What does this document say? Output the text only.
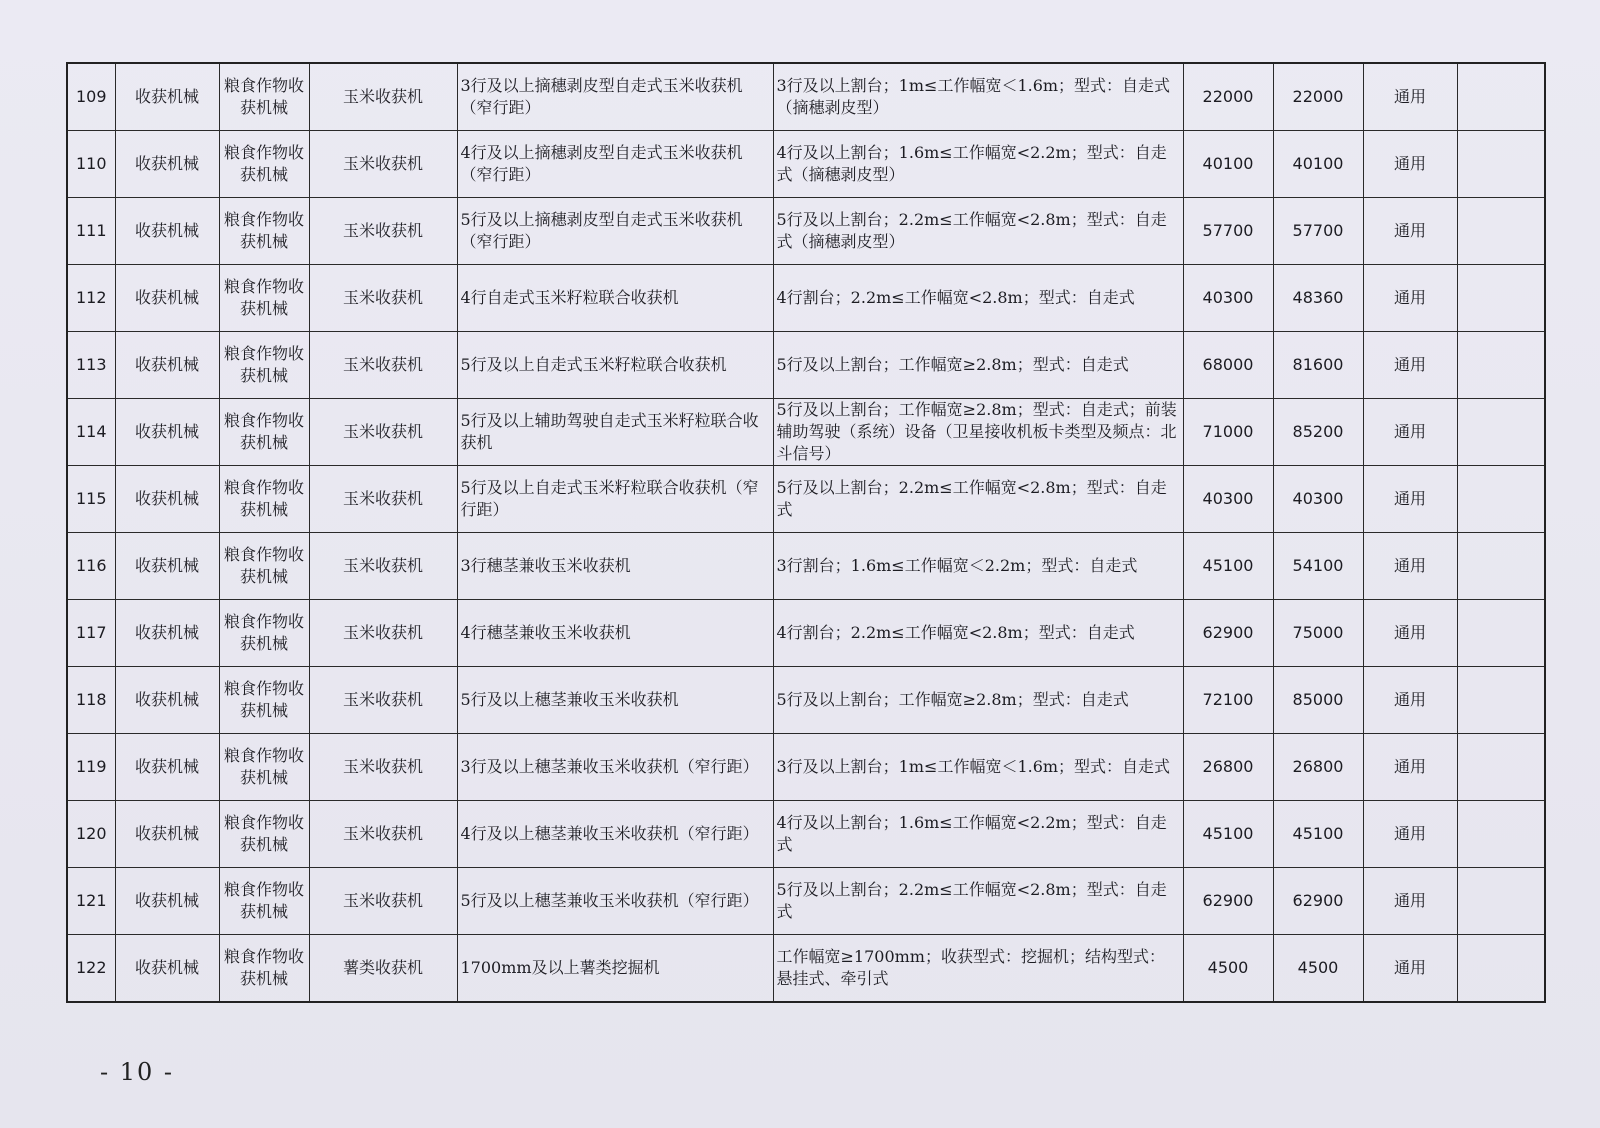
109	收获机械	粮食作物收获机械	玉米收获机	3行及以上摘穗剥皮型自走式玉米收获机（窄行距）	3行及以上割台；1m≤工作幅宽＜1.6m；型式：自走式（摘穗剥皮型）	22000	22000	通用	
110	收获机械	粮食作物收获机械	玉米收获机	4行及以上摘穗剥皮型自走式玉米收获机（窄行距）	4行及以上割台；1.6m≤工作幅宽<2.2m；型式：自走式（摘穗剥皮型）	40100	40100	通用	
111	收获机械	粮食作物收获机械	玉米收获机	5行及以上摘穗剥皮型自走式玉米收获机（窄行距）	5行及以上割台；2.2m≤工作幅宽<2.8m；型式：自走式（摘穗剥皮型）	57700	57700	通用	
112	收获机械	粮食作物收获机械	玉米收获机	4行自走式玉米籽粒联合收获机	4行割台；2.2m≤工作幅宽<2.8m；型式：自走式	40300	48360	通用	
113	收获机械	粮食作物收获机械	玉米收获机	5行及以上自走式玉米籽粒联合收获机	5行及以上割台；工作幅宽≥2.8m；型式：自走式	68000	81600	通用	
114	收获机械	粮食作物收获机械	玉米收获机	5行及以上辅助驾驶自走式玉米籽粒联合收获机	5行及以上割台；工作幅宽≥2.8m；型式：自走式；前装辅助驾驶（系统）设备（卫星接收机板卡类型及频点：北斗信号）	71000	85200	通用	
115	收获机械	粮食作物收获机械	玉米收获机	5行及以上自走式玉米籽粒联合收获机（窄行距）	5行及以上割台；2.2m≤工作幅宽<2.8m；型式：自走式	40300	40300	通用	
116	收获机械	粮食作物收获机械	玉米收获机	3行穗茎兼收玉米收获机	3行割台；1.6m≤工作幅宽＜2.2m；型式：自走式	45100	54100	通用	
117	收获机械	粮食作物收获机械	玉米收获机	4行穗茎兼收玉米收获机	4行割台；2.2m≤工作幅宽<2.8m；型式：自走式	62900	75000	通用	
118	收获机械	粮食作物收获机械	玉米收获机	5行及以上穗茎兼收玉米收获机	5行及以上割台；工作幅宽≥2.8m；型式：自走式	72100	85000	通用	
119	收获机械	粮食作物收获机械	玉米收获机	3行及以上穗茎兼收玉米收获机（窄行距）	3行及以上割台；1m≤工作幅宽＜1.6m；型式：自走式	26800	26800	通用	
120	收获机械	粮食作物收获机械	玉米收获机	4行及以上穗茎兼收玉米收获机（窄行距）	4行及以上割台；1.6m≤工作幅宽<2.2m；型式：自走式	45100	45100	通用	
121	收获机械	粮食作物收获机械	玉米收获机	5行及以上穗茎兼收玉米收获机（窄行距）	5行及以上割台；2.2m≤工作幅宽<2.8m；型式：自走式	62900	62900	通用	
122	收获机械	粮食作物收获机械	薯类收获机	1700mm及以上薯类挖掘机	工作幅宽≥1700mm；收获型式：挖掘机；结构型式：悬挂式、牵引式	4500	4500	通用	
- 10 -
